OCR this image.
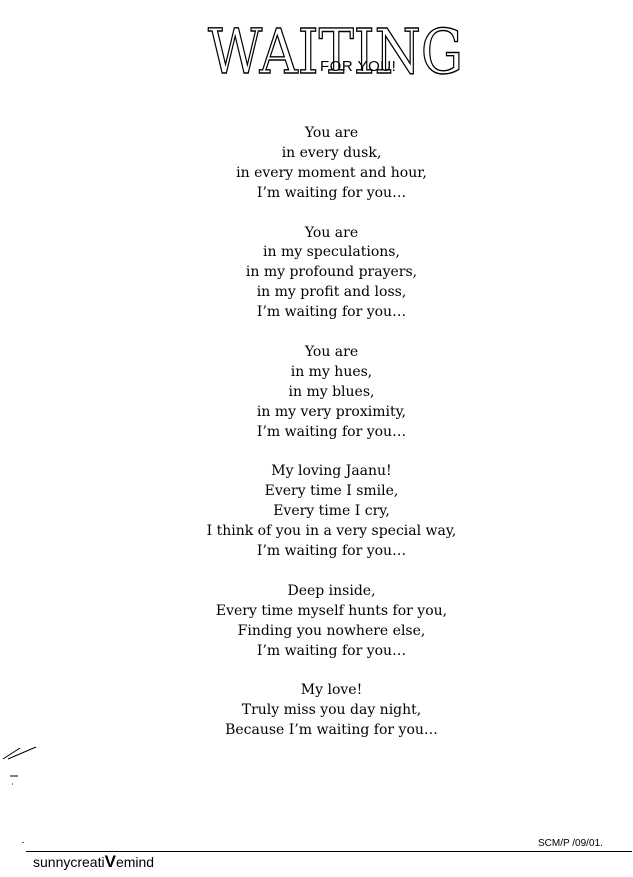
WAITING
FOR YOU!
You are
in every dusk,
in every moment and hour,
I’m waiting for you…
You are
in my speculations,
in my profound prayers,
in my profit and loss,
I’m waiting for you…
You are
in my hues,
in my blues,
in my very proximity,
I’m waiting for you…
My loving Jaanu!
Every time I smile,
Every time I cry,
I think of you in a very special way,
I’m waiting for you…
Deep inside,
Every time myself hunts for you,
Finding you nowhere else,
I’m waiting for you…
My love!
Truly miss you day night,
Because I’m waiting for you…
SCM/P /09/01.
sunnycreatiVemind
